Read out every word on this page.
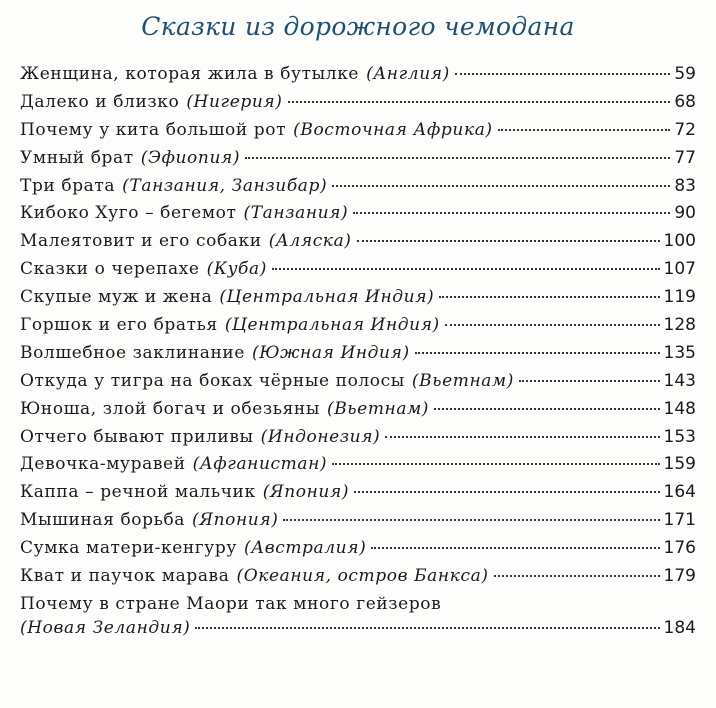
Сказки из дорожного чемодана
Женщина, которая жила в бутылке (Англия)	59
Далеко и близко (Нигерия)	68
Почему у кита большой рот (Восточная Африка)	72
Умный брат (Эфиопия)	77
Три брата (Танзания, Занзибар)	83
Кибоко Хуго – бегемот (Танзания)	90
Малеятовит и его собаки (Аляска)	100
Сказки о черепахе (Куба)	107
Скупые муж и жена (Центральная Индия)	119
Горшок и его братья (Центральная Индия)	128
Волшебное заклинание (Южная Индия)	135
Откуда у тигра на боках чёрные полосы (Вьетнам)	143
Юноша, злой богач и обезьяны (Вьетнам)	148
Отчего бывают приливы (Индонезия)	153
Девочка-муравей (Афганистан)	159
Каппа – речной мальчик (Япония)	164
Мышиная борьба (Япония)	171
Сумка матери-кенгуру (Австралия)	176
Кват и паучок марава (Океания, остров Банкса)	179
Почему в стране Маори так много гейзеров
(Новая Зеландия)	184
